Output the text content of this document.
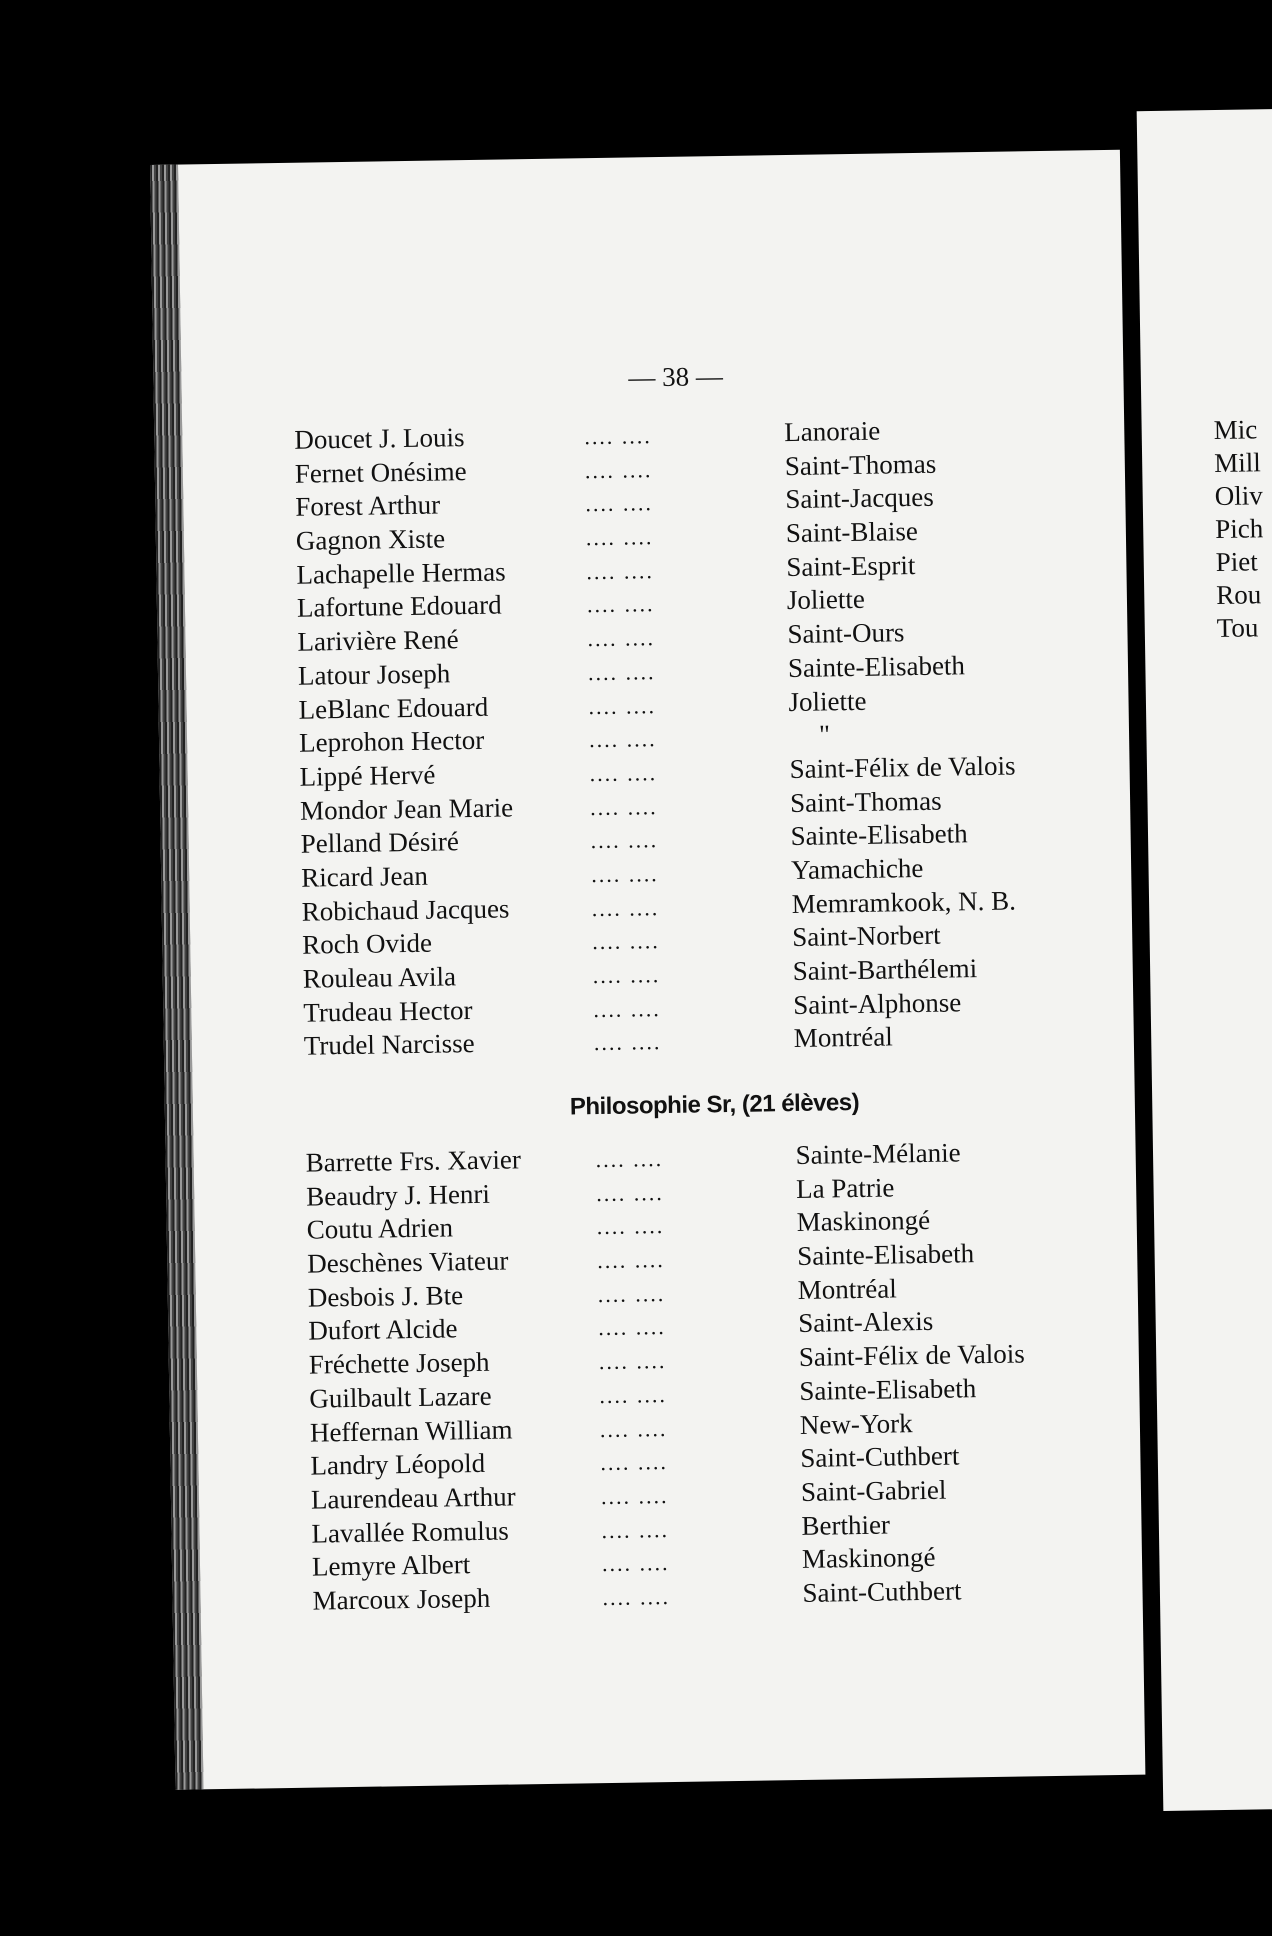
— 38 —
Doucet J. Louis	.... ....	Lanoraie
Fernet Onésime	.... ....	Saint-Thomas
Forest Arthur	.... ....	Saint-Jacques
Gagnon Xiste	.... ....	Saint-Blaise
Lachapelle Hermas	.... ....	Saint-Esprit
Lafortune Edouard	.... ....	Joliette
Larivière René	.... ....	Saint-Ours
Latour Joseph	.... ....	Sainte-Elisabeth
LeBlanc Edouard	.... ....	Joliette
Leprohon Hector	.... ....	"
Lippé Hervé	.... ....	Saint-Félix de Valois
Mondor Jean Marie	.... ....	Saint-Thomas
Pelland Désiré	.... ....	Sainte-Elisabeth
Ricard Jean	.... ....	Yamachiche
Robichaud Jacques	.... ....	Memramkook, N. B.
Roch Ovide	.... ....	Saint-Norbert
Rouleau Avila	.... ....	Saint-Barthélemi
Trudeau Hector	.... ....	Saint-Alphonse
Trudel Narcisse	.... ....	Montréal
Philosophie Sr, (21 élèves)
Barrette Frs. Xavier	.... ....	Sainte-Mélanie
Beaudry J. Henri	.... ....	La Patrie
Coutu Adrien	.... ....	Maskinongé
Deschènes Viateur	.... ....	Sainte-Elisabeth
Desbois J. Bte	.... ....	Montréal
Dufort Alcide	.... ....	Saint-Alexis
Fréchette Joseph	.... ....	Saint-Félix de Valois
Guilbault Lazare	.... ....	Sainte-Elisabeth
Heffernan William	.... ....	New-York
Landry Léopold	.... ....	Saint-Cuthbert
Laurendeau Arthur	.... ....	Saint-Gabriel
Lavallée Romulus	.... ....	Berthier
Lemyre Albert	.... ....	Maskinongé
Marcoux Joseph	.... ....	Saint-Cuthbert
Mic
Mill
Oliv
Pich
Piet
Rou
Tou
